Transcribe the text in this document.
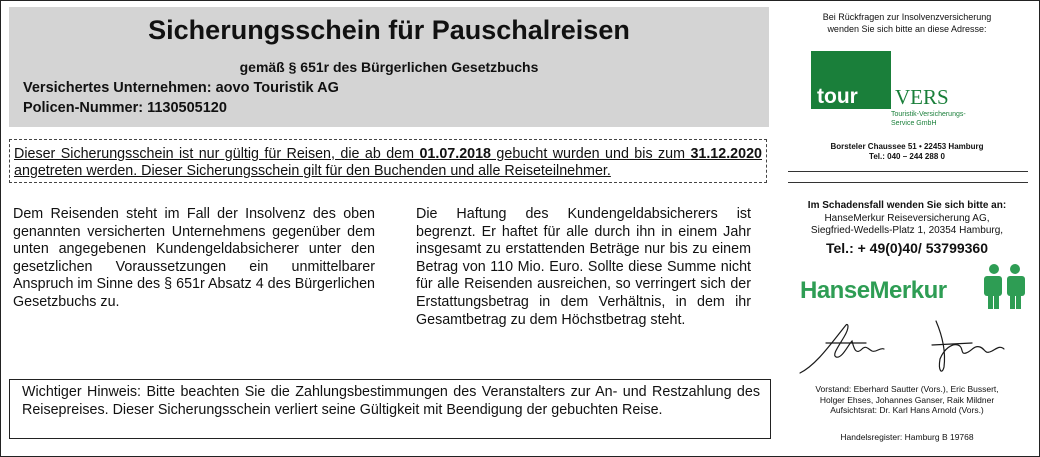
Sicherungsschein für Pauschalreisen
gemäß § 651r des Bürgerlichen Gesetzbuchs
Versichertes Unternehmen: aovo Touristik AG
Policen-Nummer: 1130505120

Dieser Sicherungsschein ist nur gültig für Reisen, die ab dem 01.07.2018 gebucht wurden und bis zum 31.12.2020 angetreten werden. Dieser Sicherungsschein gilt für den Buchenden und alle Reiseteilnehmer.

Dem Reisenden steht im Fall der Insolvenz des oben genannten versicherten Unternehmens gegenüber dem unten angegebenen Kundengeldabsicherer unter den gesetzlichen Voraussetzungen ein unmittelbarer Anspruch im Sinne des § 651r Absatz 4 des Bürgerlichen Gesetzbuchs zu.
Die Haftung des Kundengeldabsicherers ist begrenzt. Er haftet für alle durch ihn in einem Jahr insgesamt zu erstattenden Beträge nur bis zu einem Betrag von 110 Mio. Euro. Sollte diese Summe nicht für alle Reisenden ausreichen, so verringert sich der Erstattungsbetrag in dem Verhältnis, in dem ihr Gesamtbetrag zu dem Höchstbetrag steht.

Wichtiger Hinweis: Bitte beachten Sie die Zahlungsbestimmungen des Veranstalters zur An- und Restzahlung des Reisepreises. Dieser Sicherungsschein verliert seine Gültigkeit mit Beendigung der gebuchten Reise.

Bei Rückfragen zur Insolvenzversicherung
wenden Sie sich bitte an diese Adresse:
tour VERS
Touristik-Versicherungs-
Service GmbH
Borsteler Chaussee 51 • 22453 Hamburg
Tel.: 040 – 244 288 0
Im Schadensfall wenden Sie sich bitte an:
HanseMerkur Reiseversicherung AG,
Siegfried-Wedells-Platz 1, 20354 Hamburg,
Tel.: + 49(0)40/ 53799360
HanseMerkur
Vorstand: Eberhard Sautter (Vors.), Eric Bussert,
Holger Ehses, Johannes Ganser, Raik Mildner
Aufsichtsrat: Dr. Karl Hans Arnold (Vors.)
Handelsregister: Hamburg B 19768
